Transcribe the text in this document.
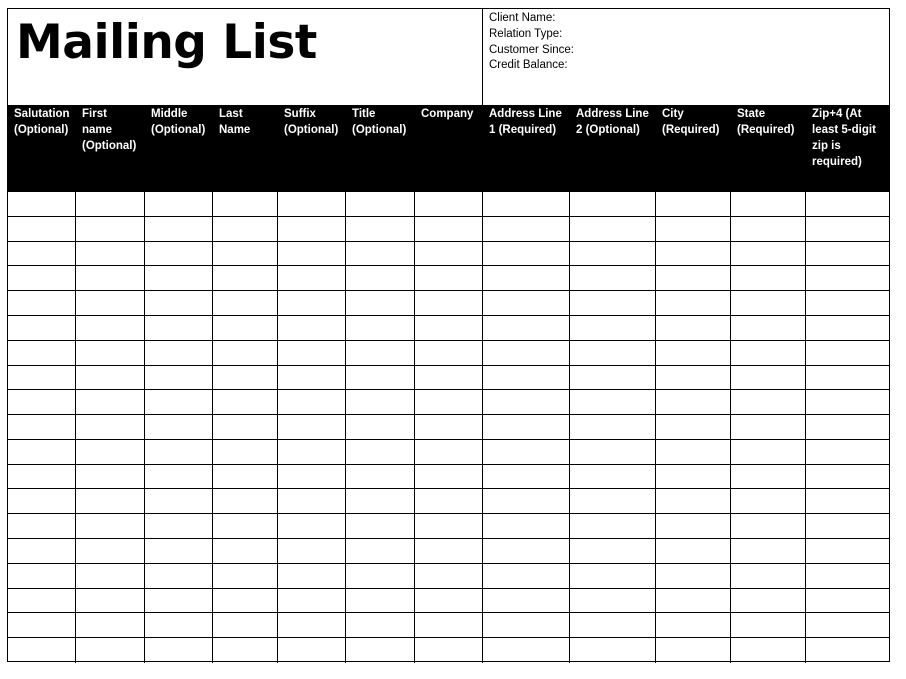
Mailing List	Client Name:
Relation Type:
Customer Since:
Credit Balance:
Salutation (Optional)
First name (Optional)
Middle (Optional)
Last Name
Suffix (Optional)
Title (Optional)
Company	Address Line 1 (Required)
Address Line 2 (Optional)
City (Required)
State (Required)
Zip+4 (At least 5-digit zip is required)
